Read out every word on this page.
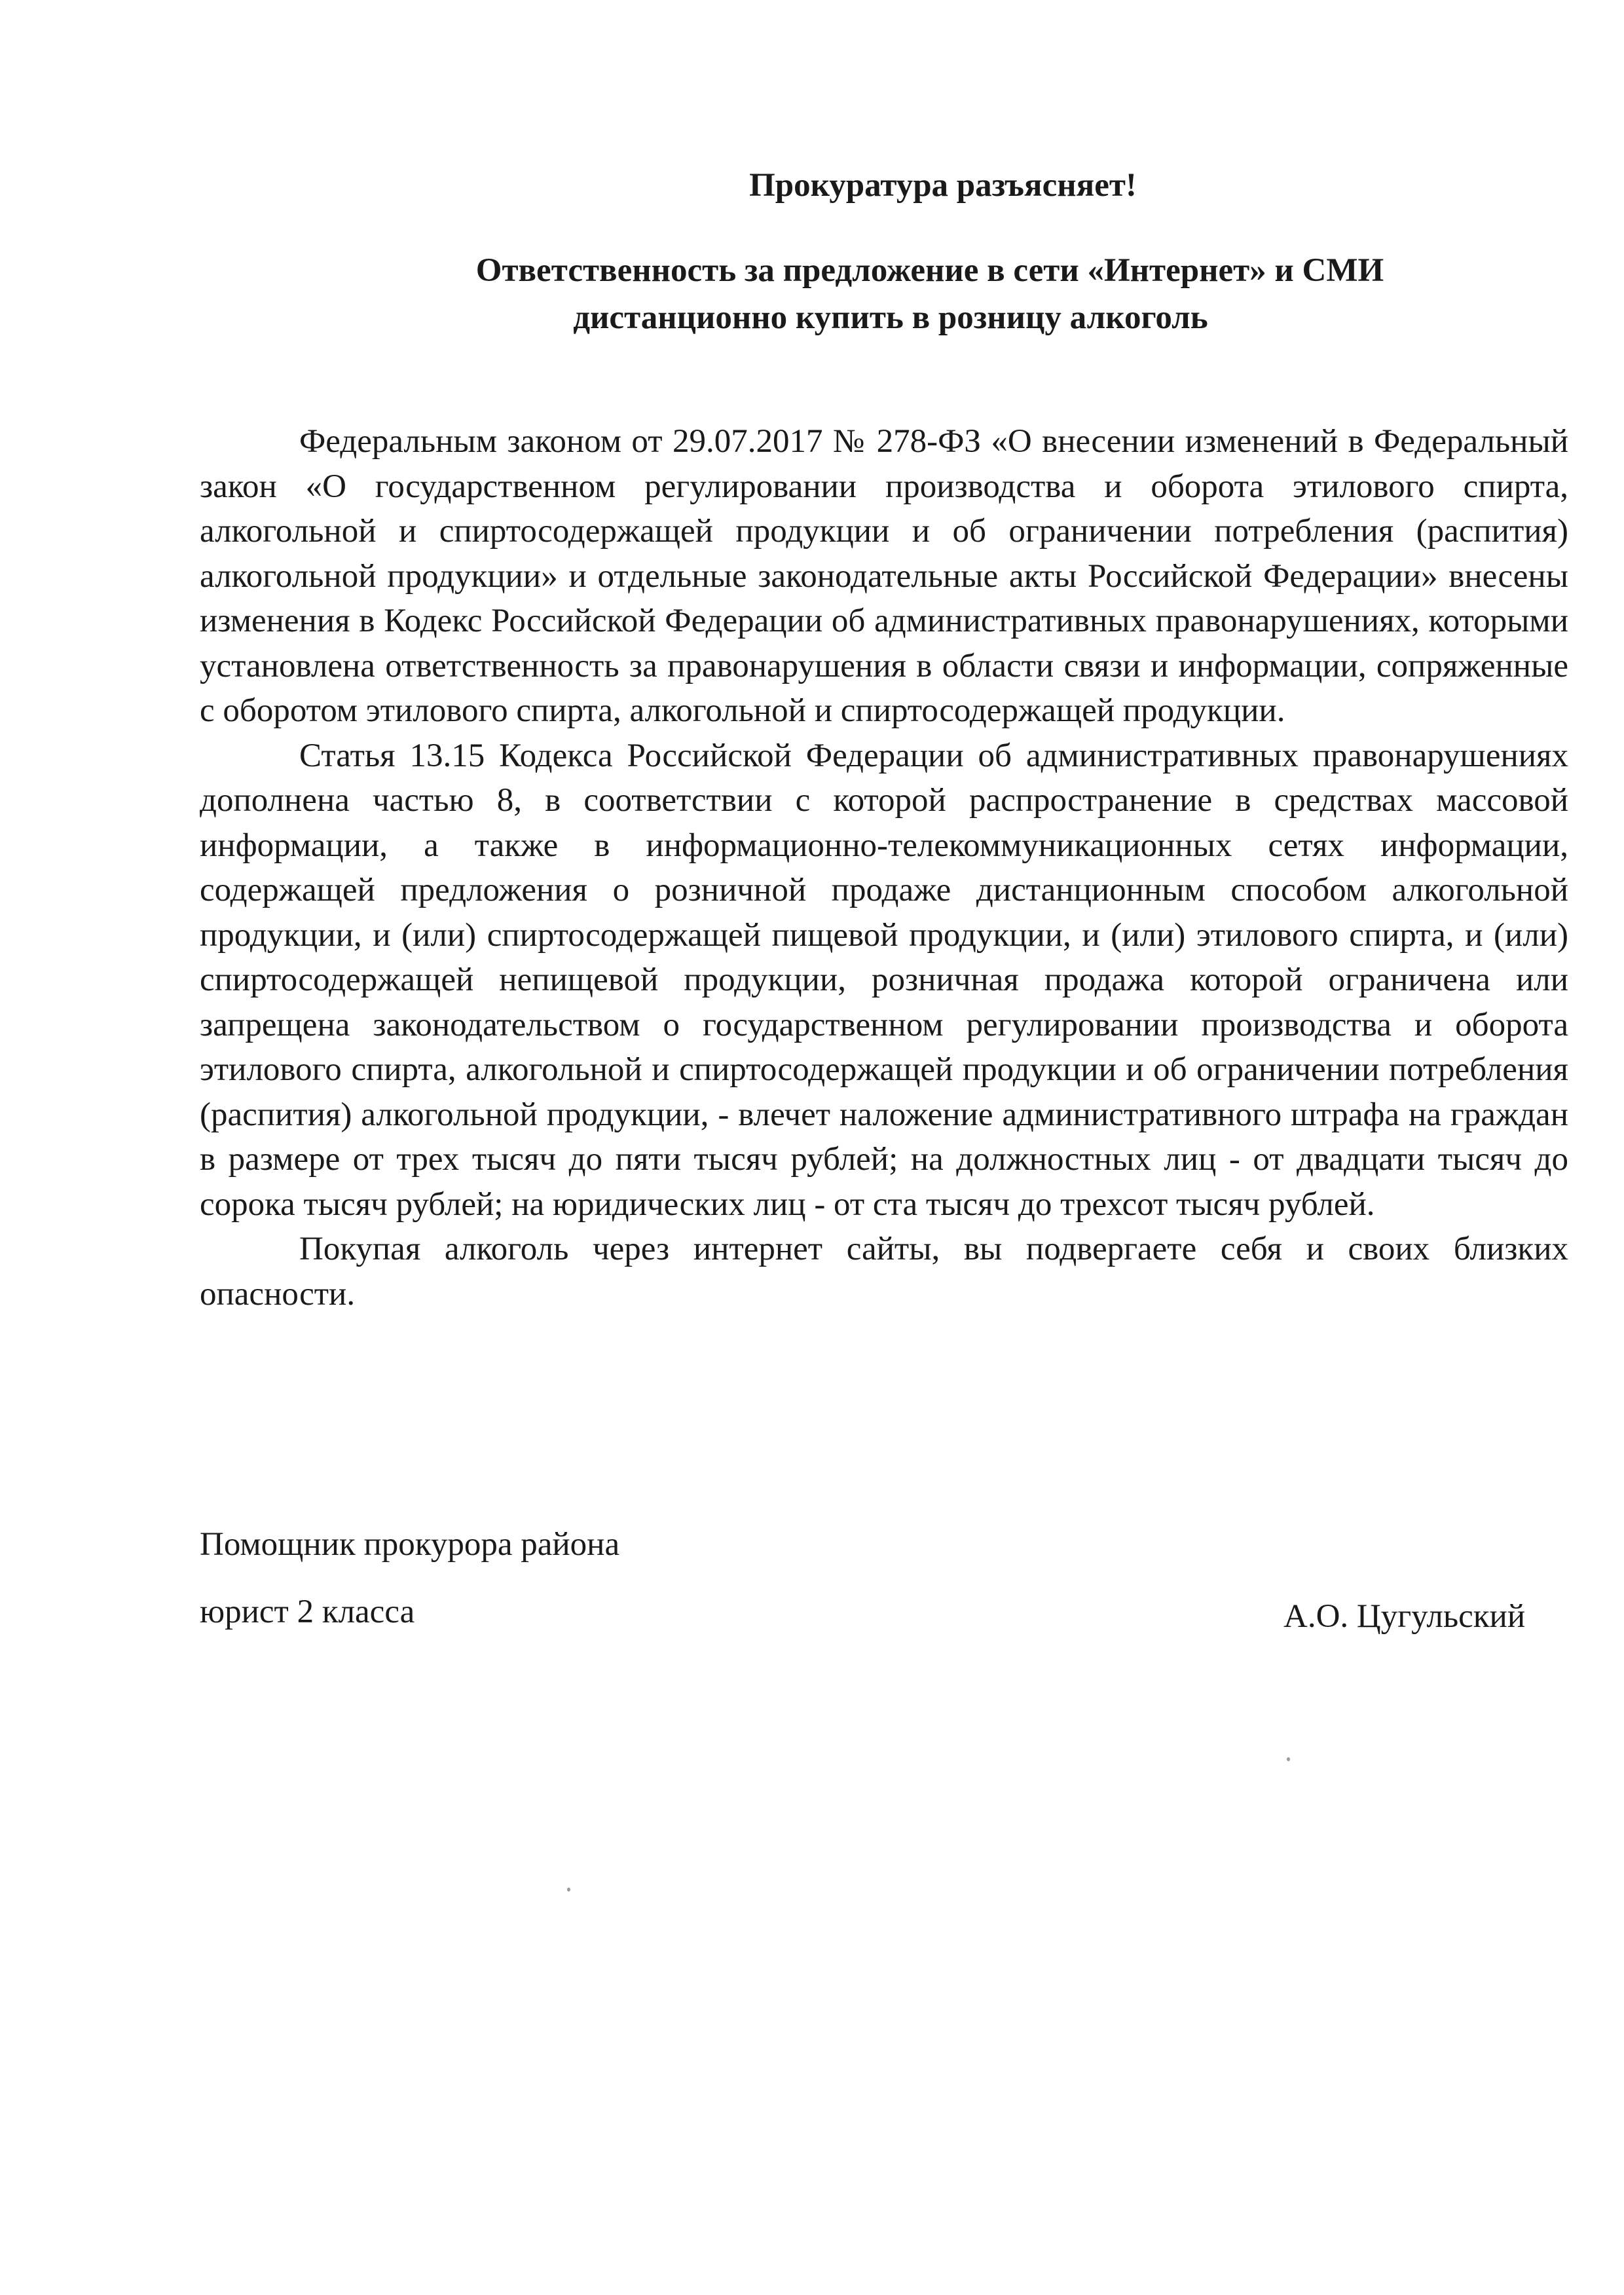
Прокуратура разъясняет!
Ответственность за предложение в сети «Интернет» и СМИ
дистанционно купить в розницу алкоголь

Федеральным законом от 29.07.2017 № 278-ФЗ «О внесении изменений в Федеральный закон «О государственном регулировании производства и оборота этилового спирта, алкогольной и спиртосодержащей продукции и об ограничении потребления (распития) алкогольной продукции» и отдельные законодательные акты Российской Федерации» внесены изменения в Кодекс Российской Федерации об административных правонарушениях, которыми установлена ответственность за правонарушения в области связи и информации, сопряженные с оборотом этилового спирта, алкогольной и спиртосодержащей продукции.

Статья 13.15 Кодекса Российской Федерации об административных правонарушениях дополнена частью 8, в соответствии с которой распространение в средствах массовой информации, а также в информационно-телекоммуникационных сетях информации, содержащей предложения о розничной продаже дистанционным способом алкогольной продукции, и (или) спиртосодержащей пищевой продукции, и (или) этилового спирта, и (или) спиртосодержащей непищевой продукции, розничная продажа которой ограничена или запрещена законодательством о государственном регулировании производства и оборота этилового спирта, алкогольной и спиртосодержащей продукции и об ограничении потребления (распития) алкогольной продукции, - влечет наложение административного штрафа на граждан в размере от трех тысяч до пяти тысяч рублей; на должностных лиц - от двадцати тысяч до сорока тысяч рублей; на юридических лиц - от ста тысяч до трехсот тысяч рублей.

Покупая алкоголь через интернет сайты, вы подвергаете себя и своих близких опасности.

Помощник прокурора района
юрист 2 класса	А.О. Цугульский
